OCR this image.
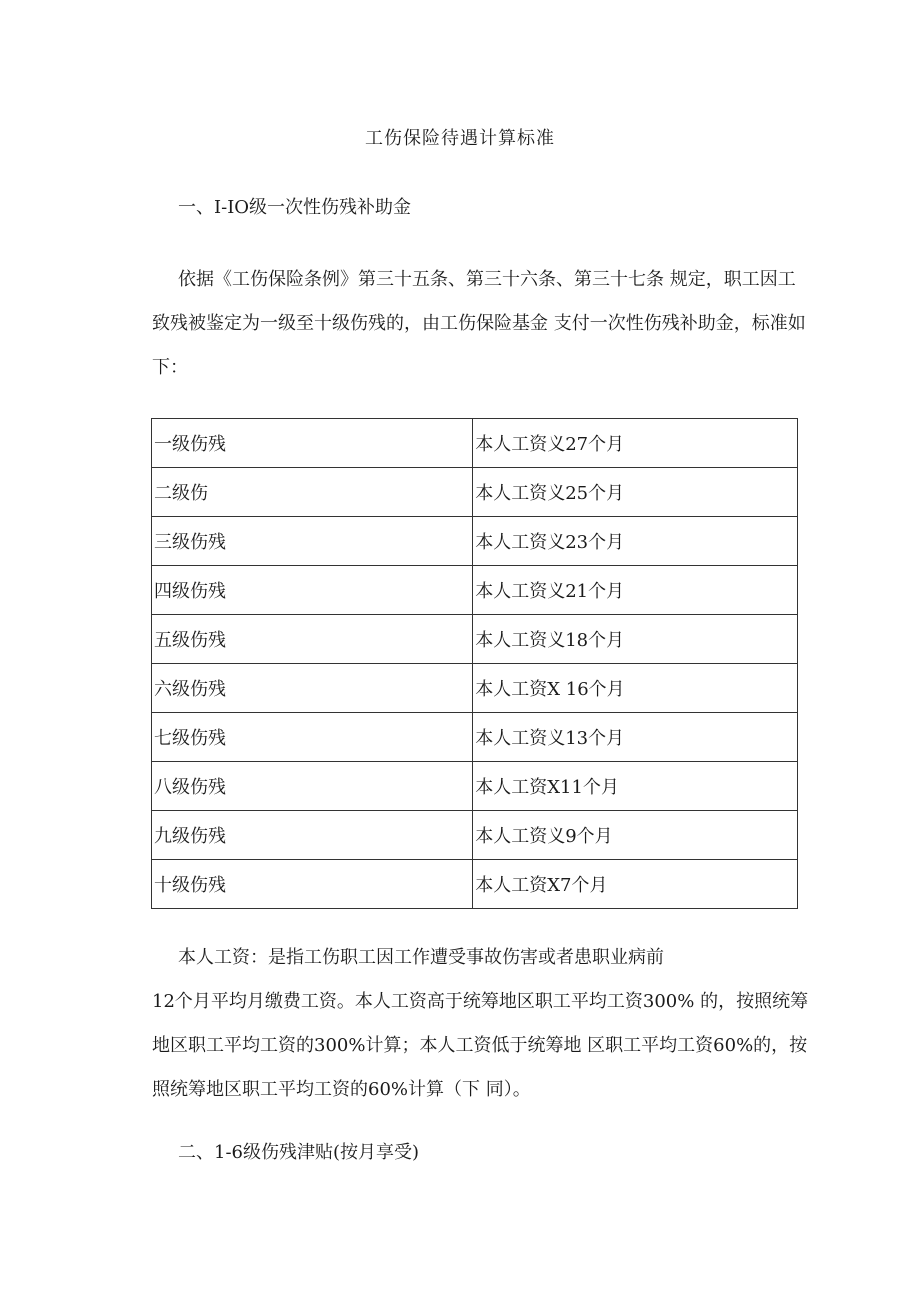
工伤保险待遇计算标准
一、I-IO级一次性伤残补助金
依据《工伤保险条例》第三十五条、第三十六条、第三十七条 规定，职工因工
致残被鉴定为一级至十级伤残的，由工伤保险基金 支付一次性伤残补助金，标准如
下：
一级伤残	本人工资义27个月
二级伤	本人工资义25个月
三级伤残	本人工资义23个月
四级伤残	本人工资义21个月
五级伤残	本人工资义18个月
六级伤残	本人工资X 16个月
七级伤残	本人工资义13个月
八级伤残	本人工资X11个月
九级伤残	本人工资义9个月
十级伤残	本人工资X7个月
本人工资：是指工伤职工因工作遭受事故伤害或者患职业病前
12个月平均月缴费工资。本人工资高于统筹地区职工平均工资300% 的，按照统筹
地区职工平均工资的300%计算；本人工资低于统筹地 区职工平均工资60%的，按
照统筹地区职工平均工资的60%计算（下 同）。
二、1-6级伤残津贴(按月享受)
